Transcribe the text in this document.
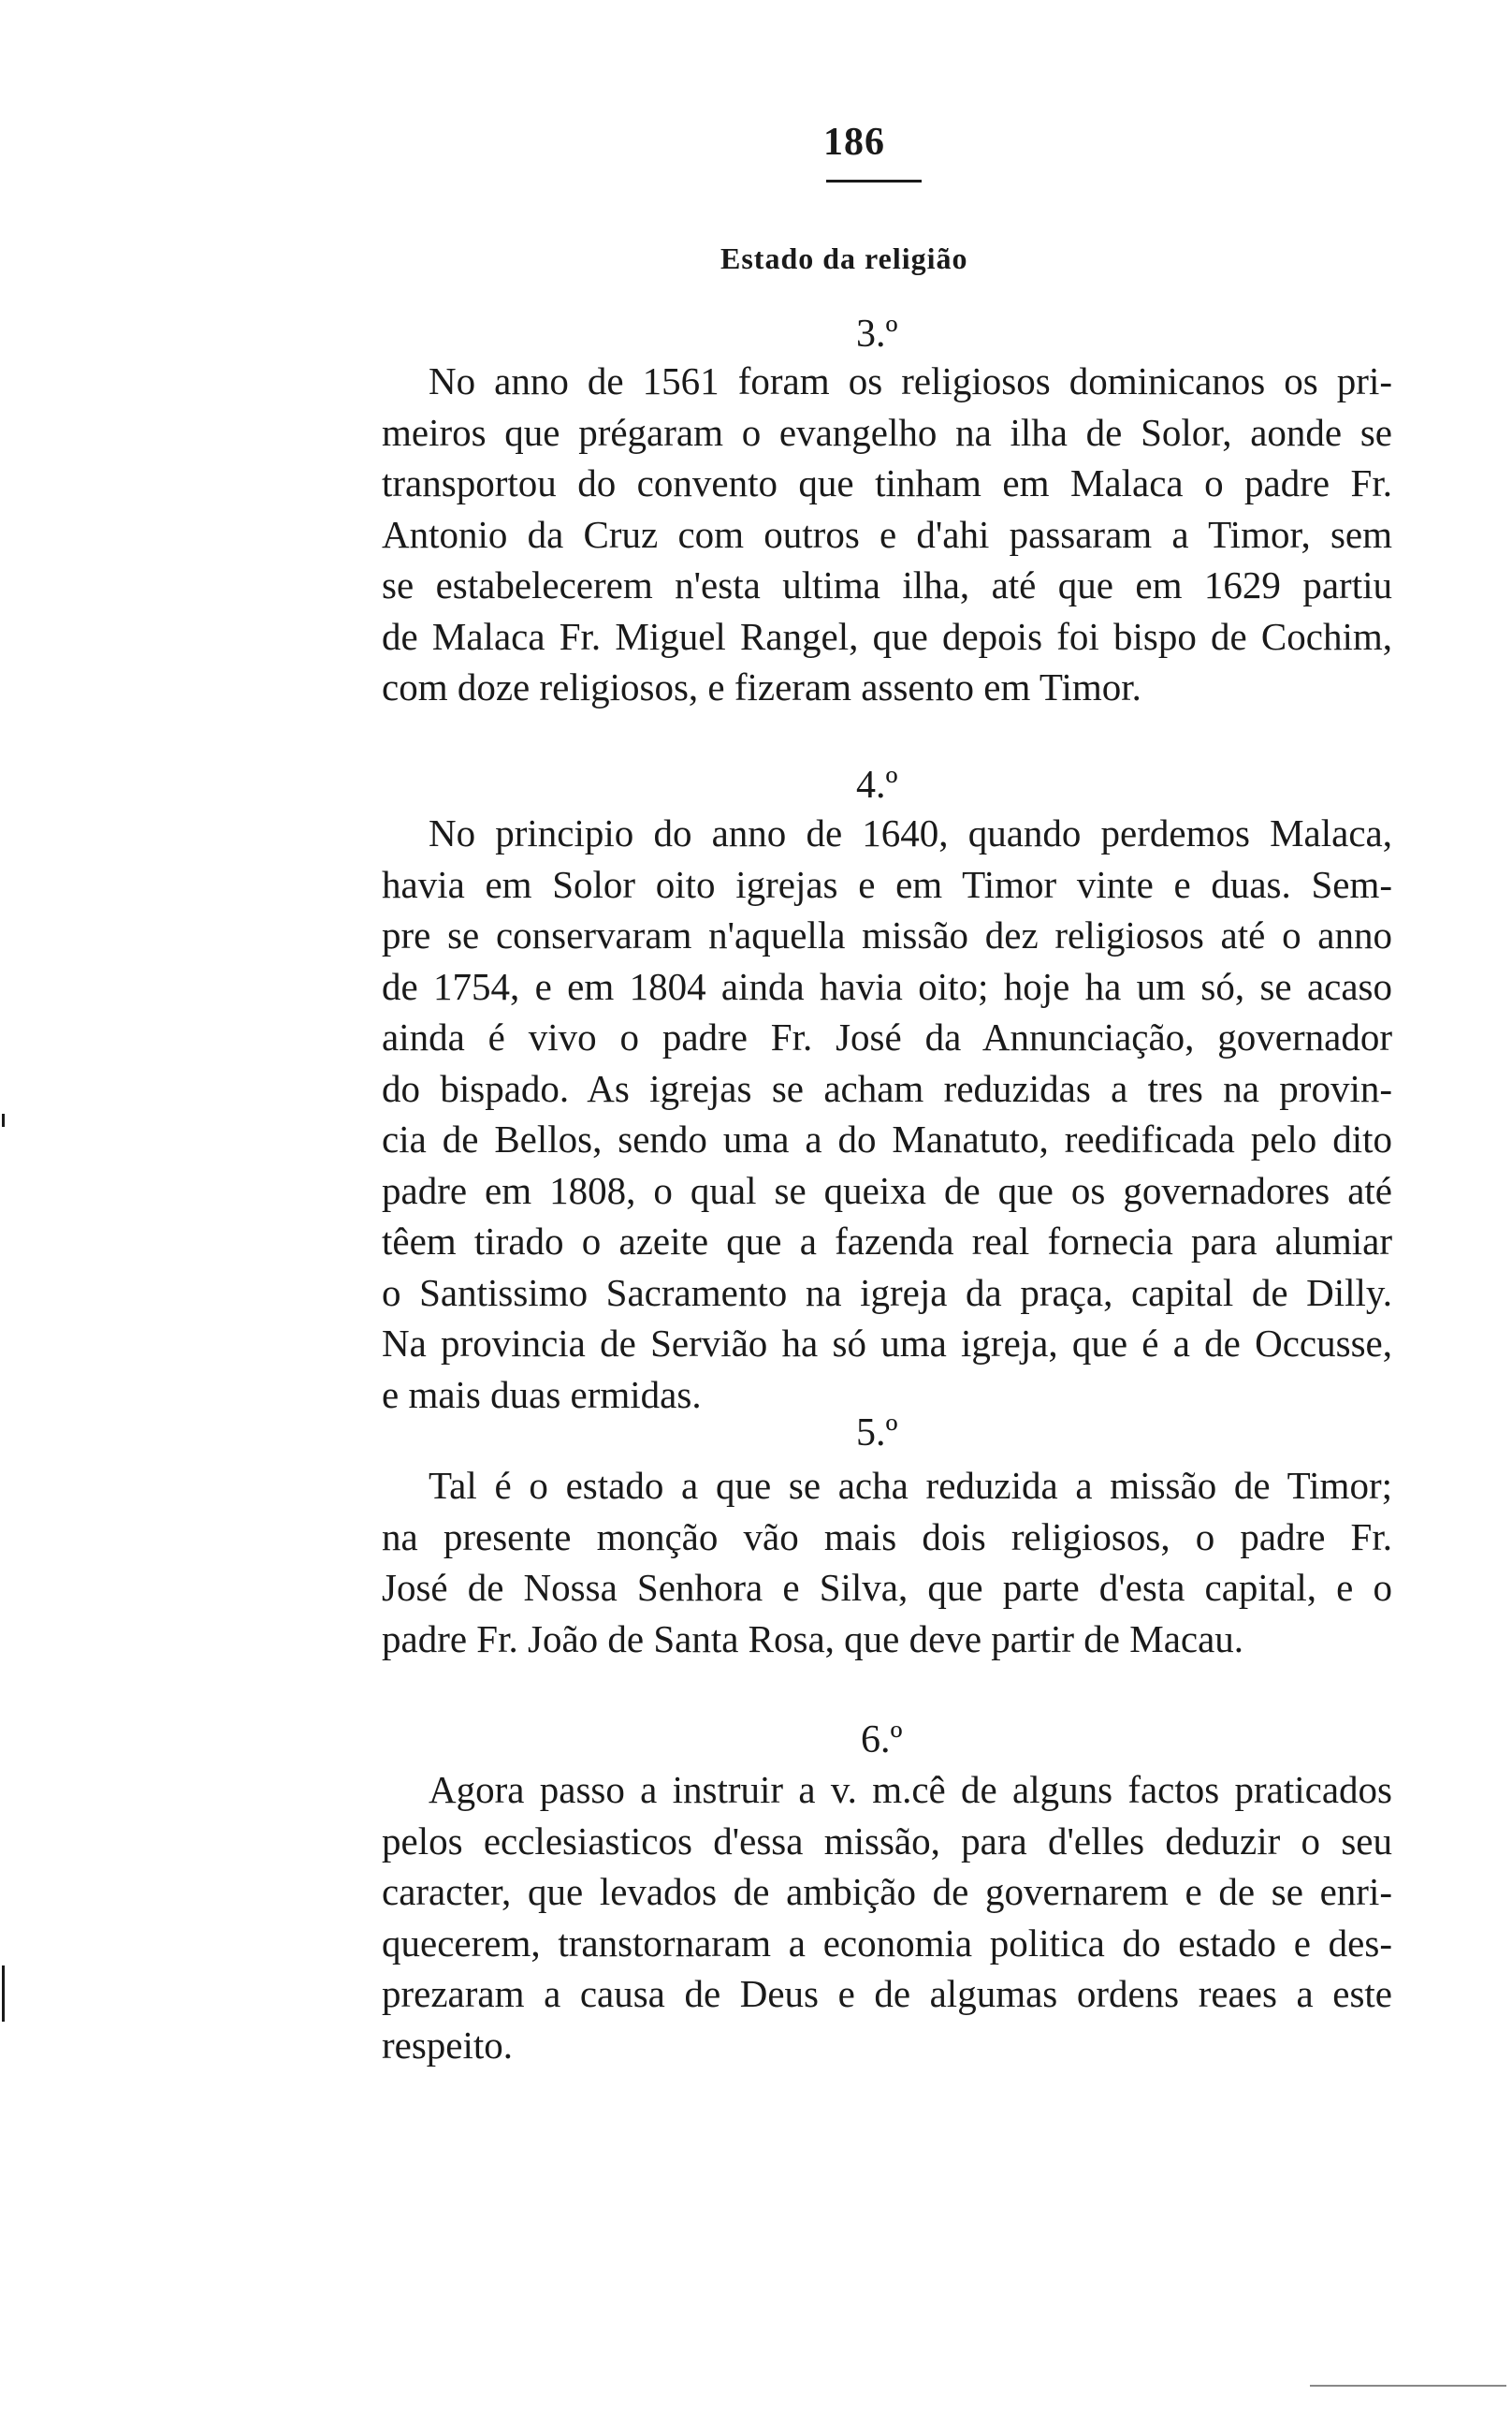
186
Estado da religião
3.º
No anno de 1561 foram os religiosos dominicanos os pri-
meiros que prégaram o evangelho na ilha de Solor, aonde se
transportou do convento que tinham em Malaca o padre Fr.
Antonio da Cruz com outros e d'ahi passaram a Timor, sem
se estabelecerem n'esta ultima ilha, até que em 1629 partiu
de Malaca Fr. Miguel Rangel, que depois foi bispo de Cochim,
com doze religiosos, e fizeram assento em Timor.
4.º
No principio do anno de 1640, quando perdemos Malaca,
havia em Solor oito igrejas e em Timor vinte e duas. Sem-
pre se conservaram n'aquella missão dez religiosos até o anno
de 1754, e em 1804 ainda havia oito; hoje ha um só, se acaso
ainda é vivo o padre Fr. José da Annunciação, governador
do bispado. As igrejas se acham reduzidas a tres na provin-
cia de Bellos, sendo uma a do Manatuto, reedificada pelo dito
padre em 1808, o qual se queixa de que os governadores até
têem tirado o azeite que a fazenda real fornecia para alumiar
o Santissimo Sacramento na igreja da praça, capital de Dilly.
Na provincia de Servião ha só uma igreja, que é a de Occusse,
e mais duas ermidas.
5.º
Tal é o estado a que se acha reduzida a missão de Timor;
na presente monção vão mais dois religiosos, o padre Fr.
José de Nossa Senhora e Silva, que parte d'esta capital, e o
padre Fr. João de Santa Rosa, que deve partir de Macau.
6.º
Agora passo a instruir a v. m.cê de alguns factos praticados
pelos ecclesiasticos d'essa missão, para d'elles deduzir o seu
caracter, que levados de ambição de governarem e de se enri-
quecerem, transtornaram a economia politica do estado e des-
prezaram a causa de Deus e de algumas ordens reaes a este
respeito.
